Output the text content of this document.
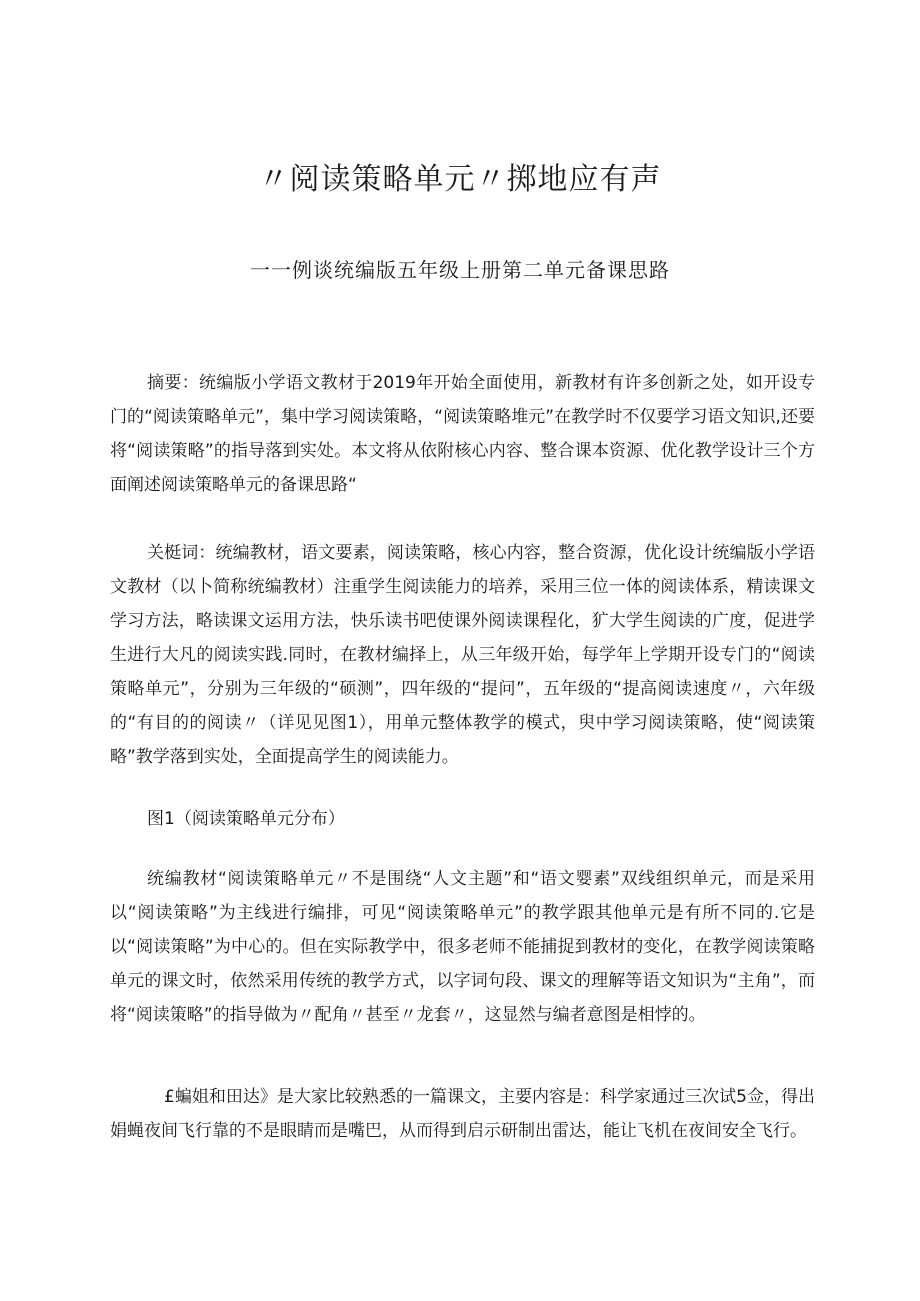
〃阅读策略单元〃掷地应有声
一一例谈统编版五年级上册第二单元备课思路

摘要：统编版小学语文教材于2019年开始全面使用，新教材有许多创新之处，如开设专门的“阅读策略单元”，集中学习阅读策略，“阅读策略堆元”在教学时不仅要学习语文知识,还要将“阅读策略”的指导落到实处。本文将从依附核心内容、整合课本资源、优化教学设计三个方面阐述阅读策略单元的备课思路“

关梃词：统编教材，语文要素，阅读策略，核心内容，整合资源，优化设计统编版小学语文教材（以卜简称统编教材）注重学生阅读能力的培养，采用三位一体的阅读体系，精读课文学习方法，略读课文运用方法，快乐读书吧使课外阅读课程化，犷大学生阅读的广度，促进学生进行大凡的阅读实践.同时，在教材编择上，从三年级开始，每学年上学期开设专门的“阅读策略单元”，分别为三年级的“硕测”，四年级的“提问”，五年级的“提高阅读速度〃，六年级的“有目的的阅读〃（详见见图1），用单元整体教学的模式，臾中学习阅读策略，使“阅读策略”教学落到实处，全面提高学生的阅读能力。

图1（阅读策略单元分布）

统编教材“阅读策略单元〃不是围绕“人文主题”和“语文婴素”双线组织单元，而是采用以“阅读策略”为主线进行编排，可见“阅读策略单元”的教学跟其他单元是有所不同的.它是以“阅读策略”为中心的。但在实际教学中，很多老师不能捕捉到教材的变化，在教学阅读策略单元的课文时，依然采用传统的教学方式，以字词句段、课文的理解等语文知识为“主角”，而将“阅读策略”的指导做为〃配角〃甚至〃龙套〃，这显然与编者意图是相悖的。

£蝙姐和田达》是大家比较熟悉的一篇课文，主要内容是：科学家通过三次试5佥，得出娟蝇夜间飞行靠的不是眼睛而是嘴巴，从而得到启示研制出雷达，能让飞机在夜间安全飞行。
